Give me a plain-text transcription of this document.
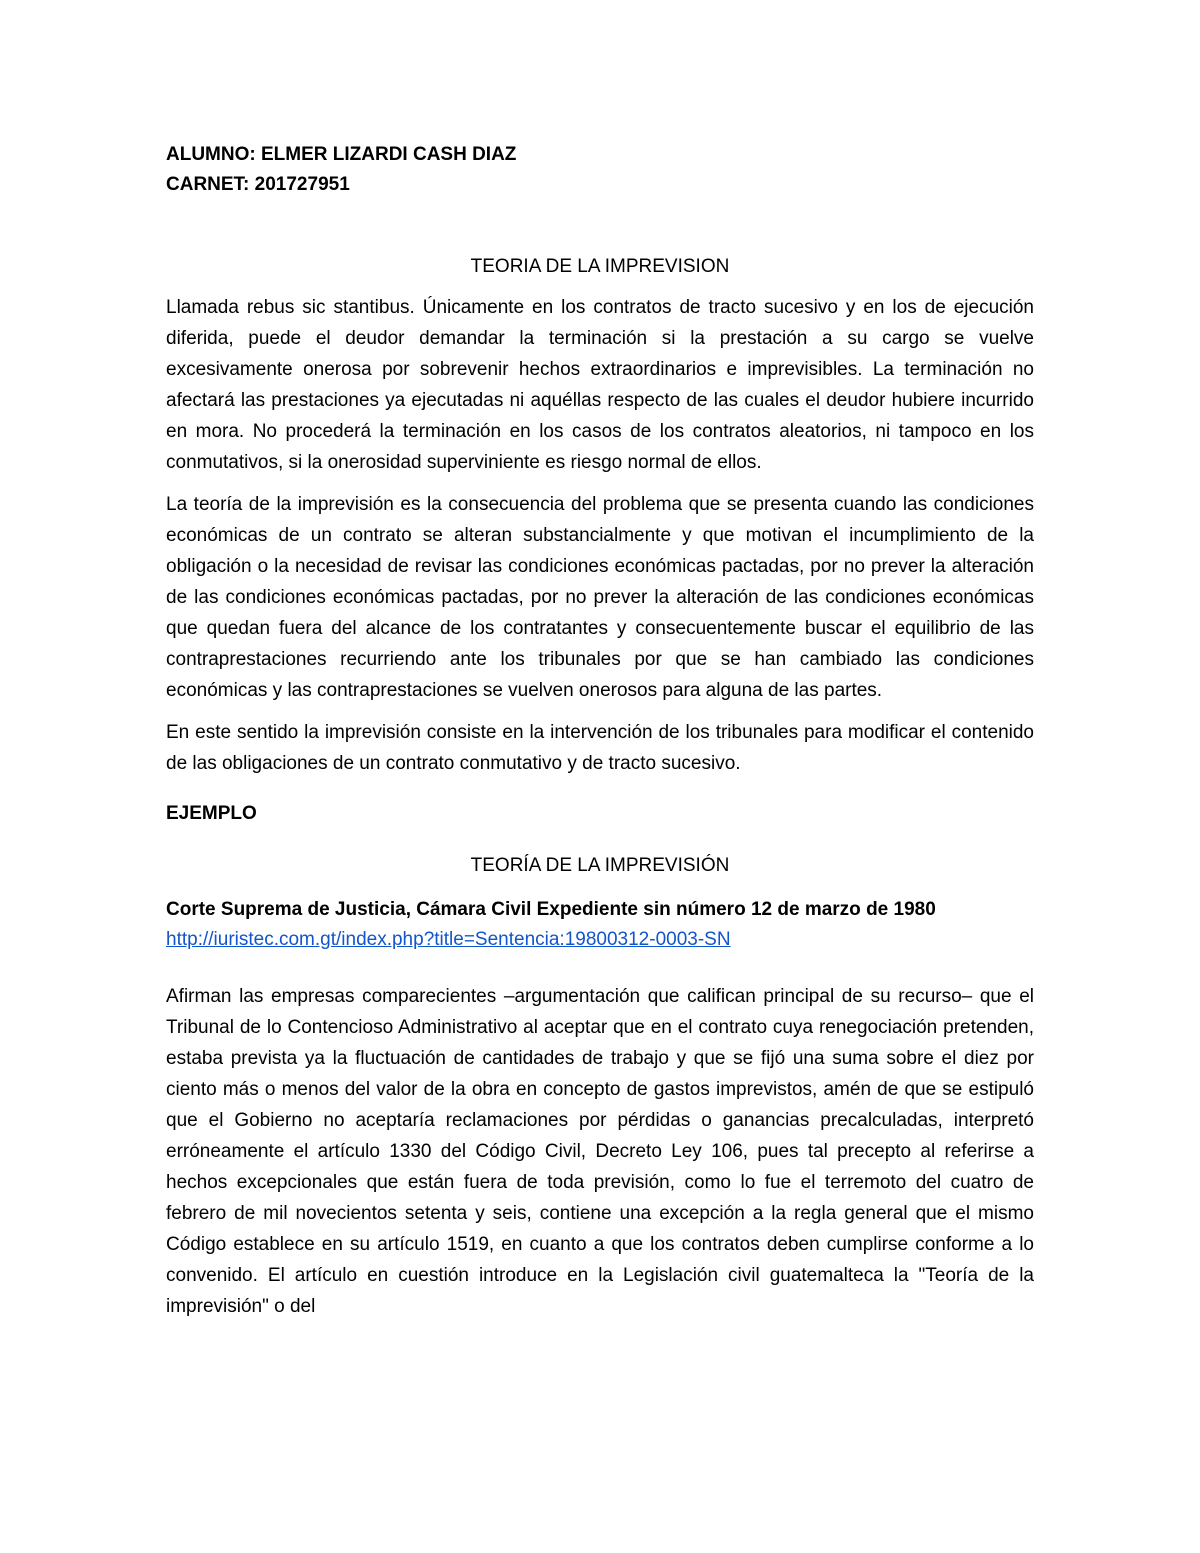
ALUMNO: ELMER LIZARDI CASH DIAZ

CARNET: 201727951

TEORIA DE LA IMPREVISION

Llamada rebus sic stantibus. Únicamente en los contratos de tracto sucesivo y en los de ejecución diferida, puede el deudor demandar la terminación si la prestación a su cargo se vuelve excesivamente onerosa por sobrevenir hechos extraordinarios e imprevisibles. La terminación no afectará las prestaciones ya ejecutadas ni aquéllas respecto de las cuales el deudor hubiere incurrido en mora. No procederá la terminación en los casos de los contratos aleatorios, ni tampoco en los conmutativos, si la onerosidad superviniente es riesgo normal de ellos.

La teoría de la imprevisión es la consecuencia del problema que se presenta cuando las condiciones económicas de un contrato se alteran substancialmente y que motivan el incumplimiento de la obligación o la necesidad de revisar las condiciones económicas pactadas, por no prever la alteración de las condiciones económicas pactadas, por no prever la alteración de las condiciones económicas que quedan fuera del alcance de los contratantes y consecuentemente buscar el equilibrio de las contraprestaciones recurriendo ante los tribunales por que se han cambiado las condiciones económicas y las contraprestaciones se vuelven onerosos para alguna de las partes.

En este sentido la imprevisión consiste en la intervención de los tribunales para modificar el contenido de las obligaciones de un contrato conmutativo y de tracto sucesivo.

EJEMPLO

TEORÍA DE LA IMPREVISIÓN

Corte Suprema de Justicia, Cámara Civil Expediente sin número 12 de marzo de 1980

http://iuristec.com.gt/index.php?title=Sentencia:19800312-0003-SN

Afirman las empresas comparecientes –argumentación que califican principal de su recurso– que el Tribunal de lo Contencioso Administrativo al aceptar que en el contrato cuya renegociación pretenden, estaba prevista ya la fluctuación de cantidades de trabajo y que se fijó una suma sobre el diez por ciento más o menos del valor de la obra en concepto de gastos imprevistos, amén de que se estipuló que el Gobierno no aceptaría reclamaciones por pérdidas o ganancias precalculadas, interpretó erróneamente el artículo 1330 del Código Civil, Decreto Ley 106, pues tal precepto al referirse a hechos excepcionales que están fuera de toda previsión, como lo fue el terremoto del cuatro de febrero de mil novecientos setenta y seis, contiene una excepción a la regla general que el mismo Código establece en su artículo 1519, en cuanto a que los contratos deben cumplirse conforme a lo convenido. El artículo en cuestión introduce en la Legislación civil guatemalteca la "Teoría de la imprevisión" o del
